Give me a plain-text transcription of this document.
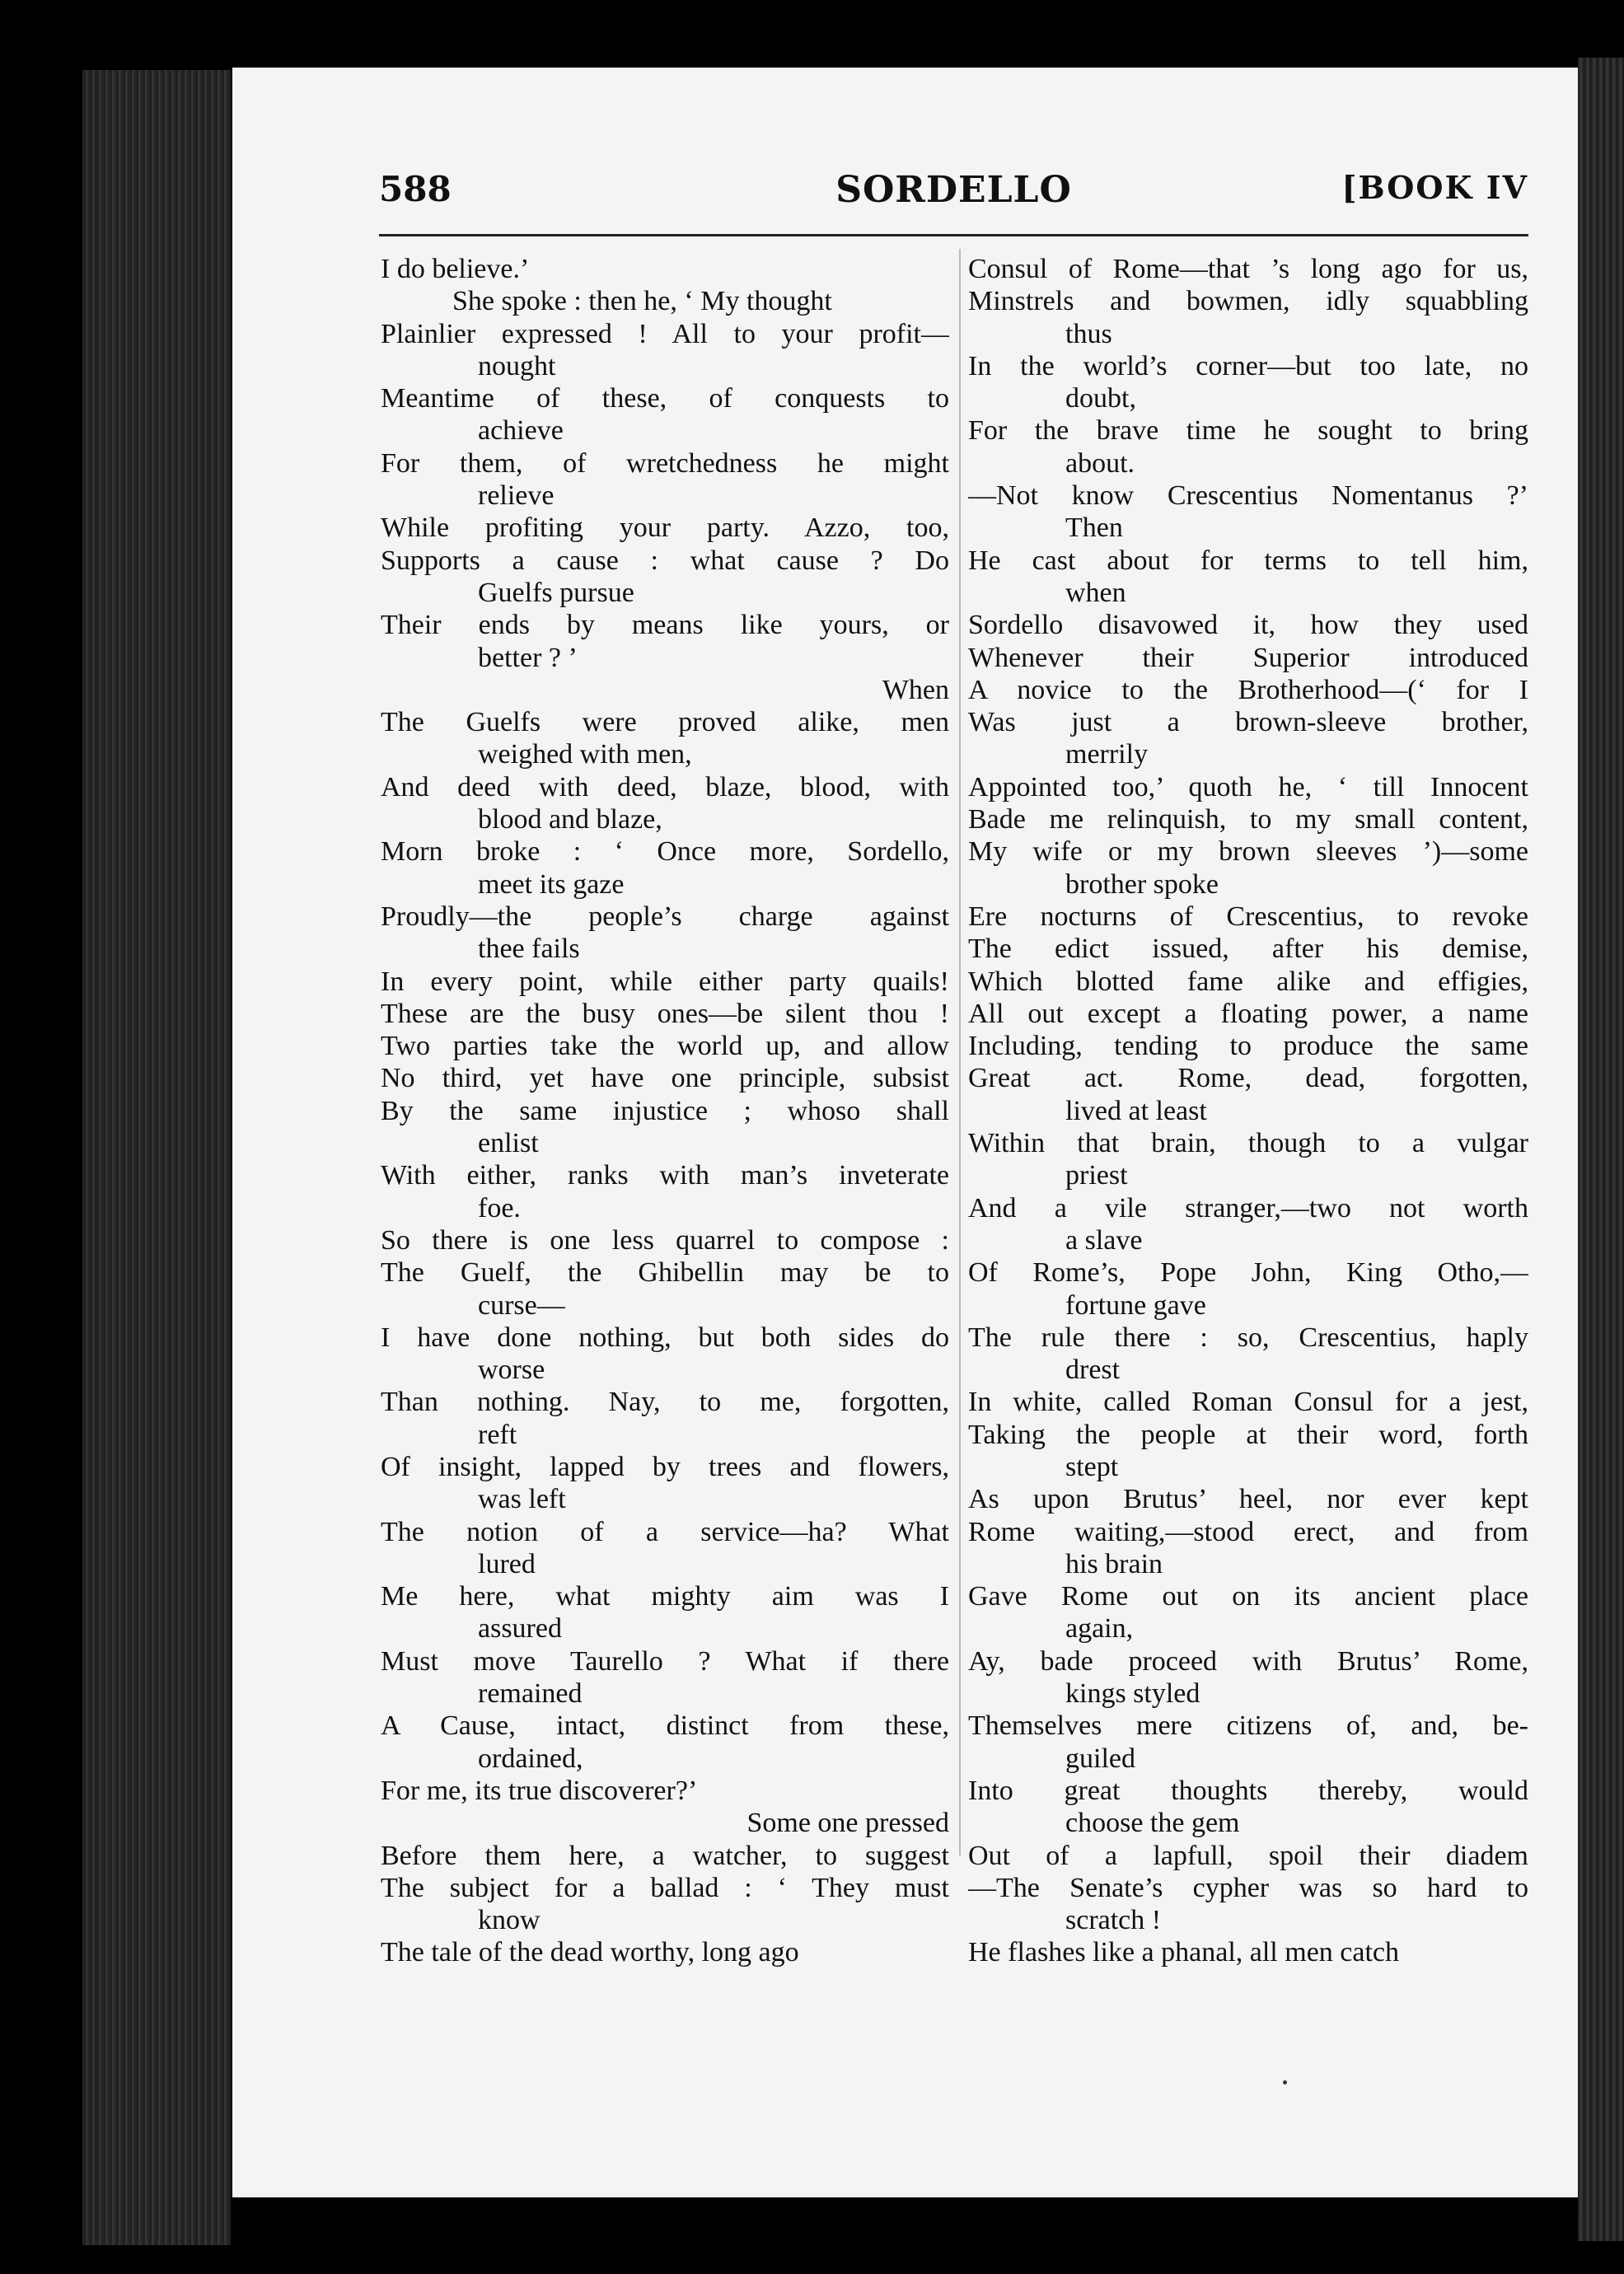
588	SORDELLO	[BOOK IV
I do believe.’
She spoke : then he, ‘ My thought
Plainlier expressed ! All to your profit—
nought
Meantime of these, of conquests to
achieve
For them, of wretchedness he might
relieve
While profiting your party. Azzo, too,
Supports a cause : what cause ? Do
Guelfs pursue
Their ends by means like yours, or
better ? ’
When
The Guelfs were proved alike, men
weighed with men,
And deed with deed, blaze, blood, with
blood and blaze,
Morn broke : ‘ Once more, Sordello,
meet its gaze
Proudly—the people’s charge against
thee fails
In every point, while either party quails!
These are the busy ones—be silent thou !
Two parties take the world up, and allow
No third, yet have one principle, subsist
By the same injustice ; whoso shall
enlist
With either, ranks with man’s inveterate
foe.
So there is one less quarrel to compose :
The Guelf, the Ghibellin may be to
curse—
I have done nothing, but both sides do
worse
Than nothing. Nay, to me, forgotten,
reft
Of insight, lapped by trees and flowers,
was left
The notion of a service—ha? What
lured
Me here, what mighty aim was I
assured
Must move Taurello ? What if there
remained
A Cause, intact, distinct from these,
ordained,
For me, its true discoverer?’
Some one pressed
Before them here, a watcher, to suggest
The subject for a ballad : ‘ They must
know
The tale of the dead worthy, long ago
Consul of Rome—that ’s long ago for us,
Minstrels and bowmen, idly squabbling
thus
In the world’s corner—but too late, no
doubt,
For the brave time he sought to bring
about.
—Not know Crescentius Nomentanus ?’
Then
He cast about for terms to tell him,
when
Sordello disavowed it, how they used
Whenever their Superior introduced
A novice to the Brotherhood—(‘ for I
Was just a brown-sleeve brother,
merrily
Appointed too,’ quoth he, ‘ till Innocent
Bade me relinquish, to my small content,
My wife or my brown sleeves ’)—some
brother spoke
Ere nocturns of Crescentius, to revoke
The edict issued, after his demise,
Which blotted fame alike and effigies,
All out except a floating power, a name
Including, tending to produce the same
Great act. Rome, dead, forgotten,
lived at least
Within that brain, though to a vulgar
priest
And a vile stranger,—two not worth
a slave
Of Rome’s, Pope John, King Otho,—
fortune gave
The rule there : so, Crescentius, haply
drest
In white, called Roman Consul for a jest,
Taking the people at their word, forth
stept
As upon Brutus’ heel, nor ever kept
Rome waiting,—stood erect, and from
his brain
Gave Rome out on its ancient place
again,
Ay, bade proceed with Brutus’ Rome,
kings styled
Themselves mere citizens of, and, be-
guiled
Into great thoughts thereby, would
choose the gem
Out of a lapfull, spoil their diadem
—The Senate’s cypher was so hard to
scratch !
He flashes like a phanal, all men catch
